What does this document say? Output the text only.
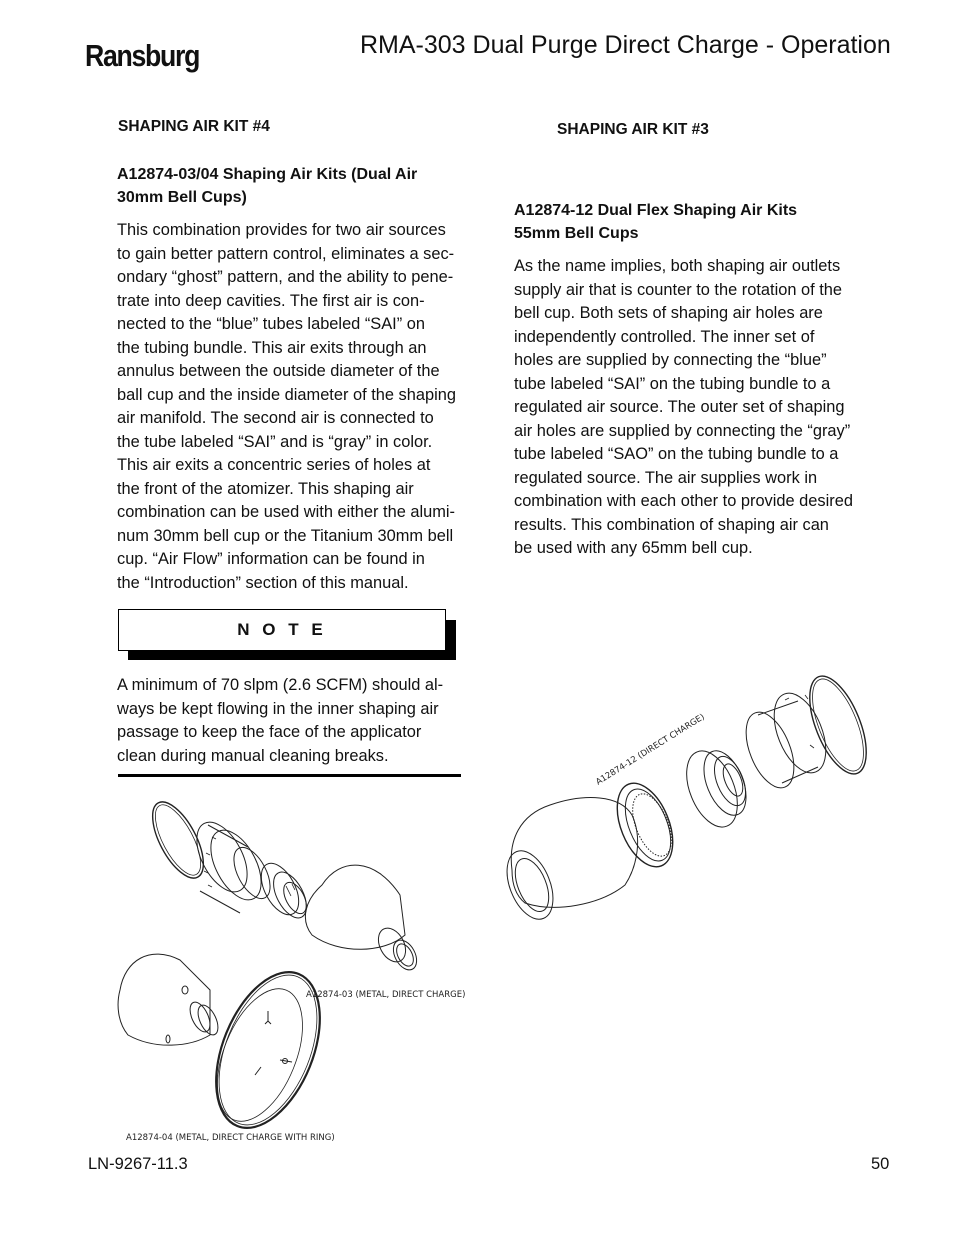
Ransburg	RMA-303 Dual Purge Direct Charge - Operation
SHAPING AIR KIT #4
A12874-03/04 Shaping Air Kits (Dual Air
30mm Bell Cups)

This combination provides for two air sources

to gain better pattern control, eliminates a sec-

ondary “ghost” pattern, and the ability to pene-

trate into deep cavities. The first air is con-

nected to the “blue” tubes labeled “SAI” on

the tubing bundle. This air exits through an

annulus between the outside diameter of the

ball cup and the inside diameter of the shaping

air manifold. The second air is connected to

the tube labeled “SAI” and is “gray” in color.

This air exits a concentric series of holes at

the front of the atomizer. This shaping air

combination can be used with either the alumi-

num 30mm bell cup or the Titanium 30mm bell

cup. “Air Flow” information can be found in

the “Introduction” section of this manual.

N O T E

A minimum of 70 slpm (2.6 SCFM) should al-

ways be kept flowing in the inner shaping air

passage to keep the face of the applicator

clean during manual cleaning breaks.

SHAPING AIR KIT #3
A12874-12 Dual Flex Shaping Air Kits
55mm Bell Cups

As the name implies, both shaping air outlets

supply air that is counter to the rotation of the

bell cup. Both sets of shaping air holes are

independently controlled. The inner set of

holes are supplied by connecting the “blue”

tube labeled “SAI” on the tubing bundle to a

regulated air source. The outer set of shaping

air holes are supplied by connecting the “gray”

tube labeled “SAO” on the tubing bundle to a

regulated source. The air supplies work in

combination with each other to provide desired

results. This combination of shaping air can

be used with any 65mm bell cup.

A12874-03 (METAL, DIRECT CHARGE)
A12874-04 (METAL, DIRECT CHARGE WITH RING)
A12874-12 (DIRECT CHARGE)
LN-9267-11.3	50
